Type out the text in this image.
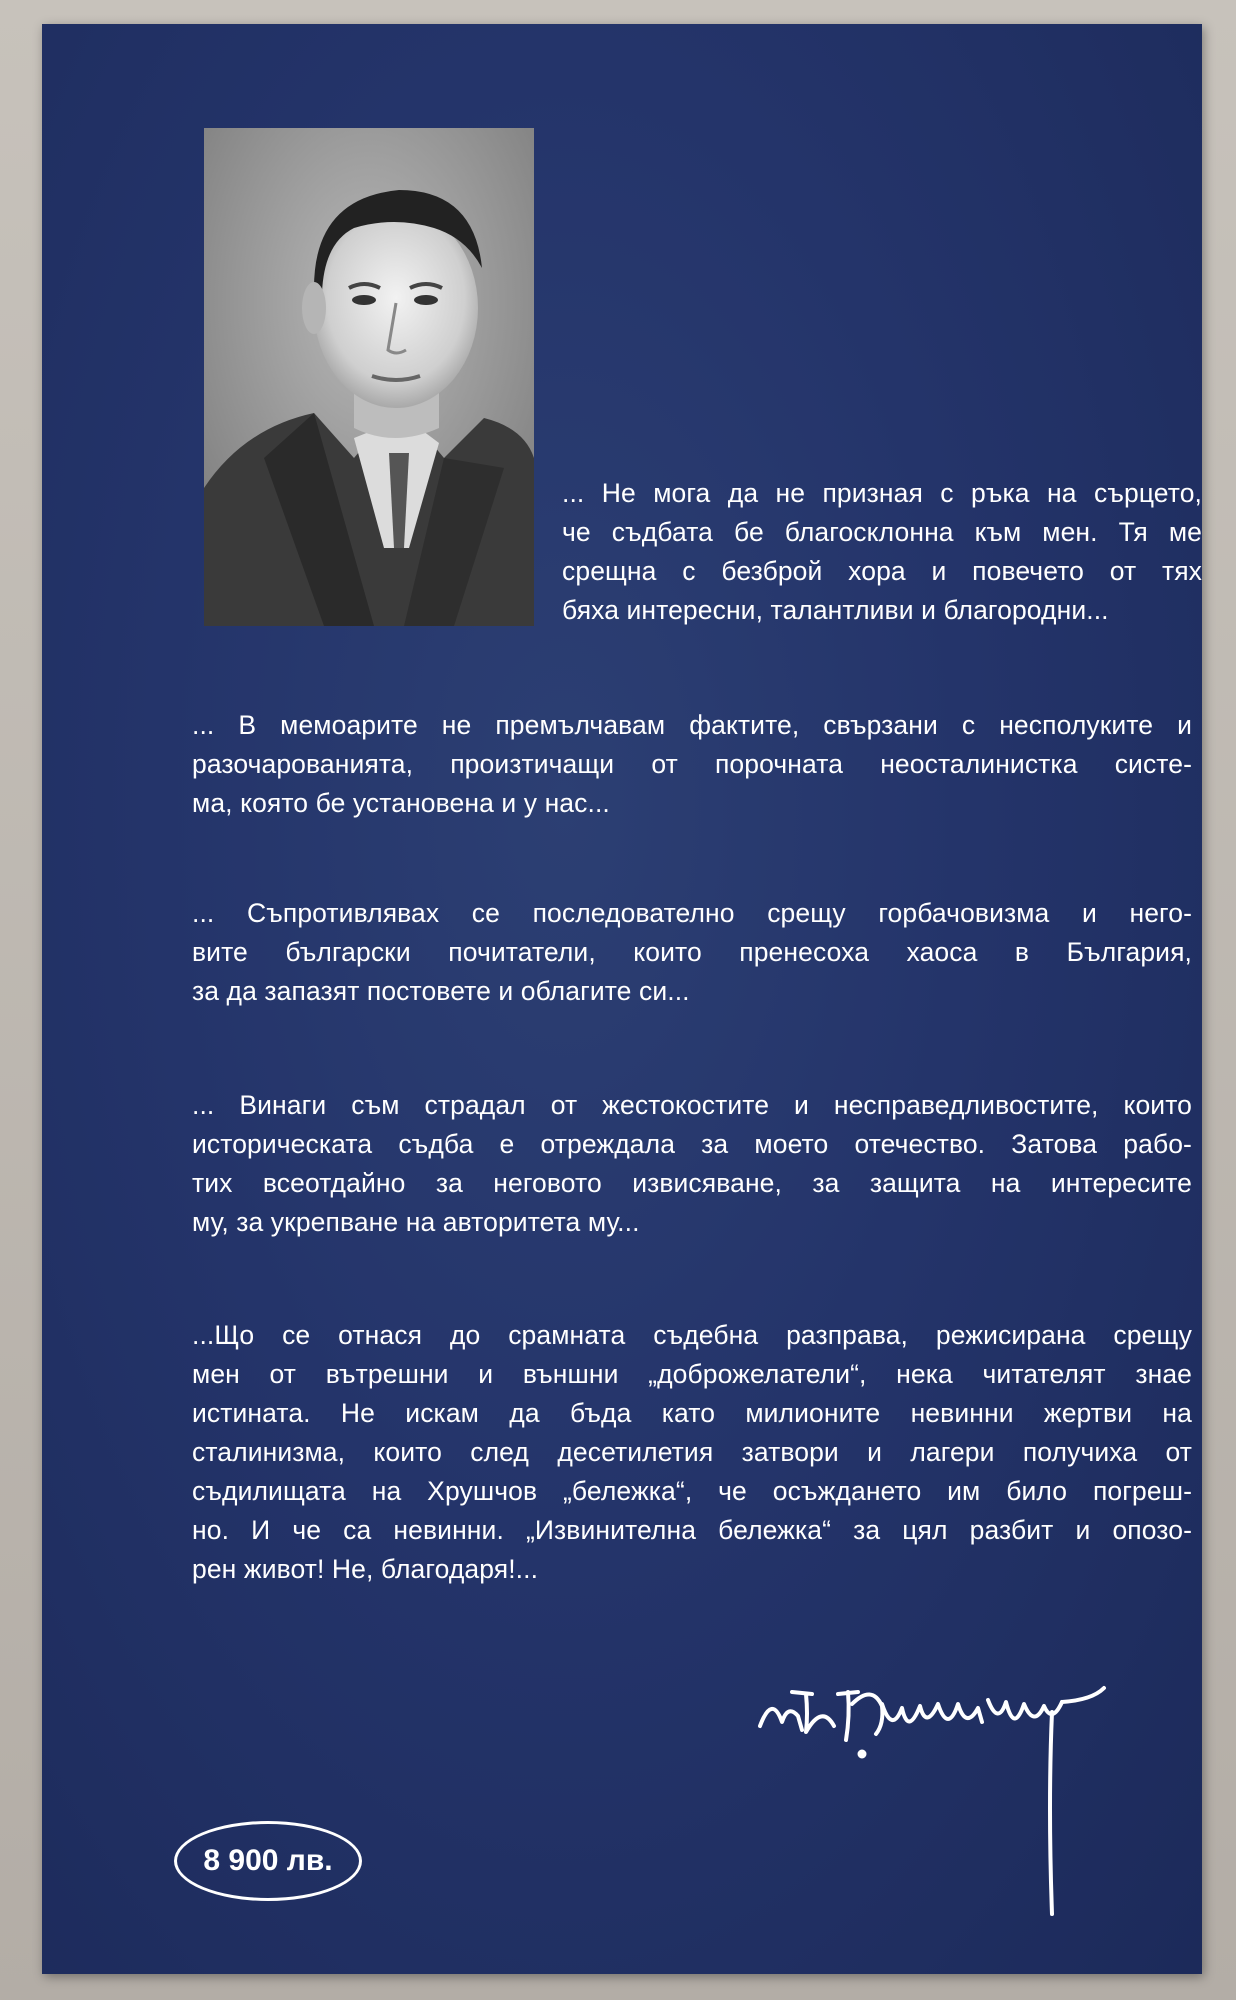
... Не мога да не призная с ръка на сърцето,
че съдбата бе благосклонна към мен. Тя ме
срещна с безброй хора и повечето от тях
бяха интересни, талантливи и благородни...
... В мемоарите не премълчавам фактите, свързани с несполуките и
разочарованията, произтичащи от порочната неосталинистка систе-
ма, която бе установена и у нас...
... Съпротивлявах се последователно срещу горбачовизма и него-
вите български почитатели, които пренесоха хаоса в България,
за да запазят постовете и облагите си...
... Винаги съм страдал от жестокостите и несправедливостите, които
историческата съдба е отреждала за моето отечество. Затова рабо-
тих всеотдайно за неговото извисяване, за защита на интересите
му, за укрепване на авторитета му...
...Що се отнася до срамната съдебна разправа, режисирана срещу
мен от вътрешни и външни „доброжелатели“, нека читателят знае
истината. Не искам да бъда като милионите невинни жертви на
сталинизма, които след десетилетия затвори и лагери получиха от
съдилищата на Хрушчов „бележка“, че осъждането им било погреш-
но. И че са невинни. „Извинителна бележка“ за цял разбит и опозо-
рен живот! Не, благодаря!...
8 900 лв.
